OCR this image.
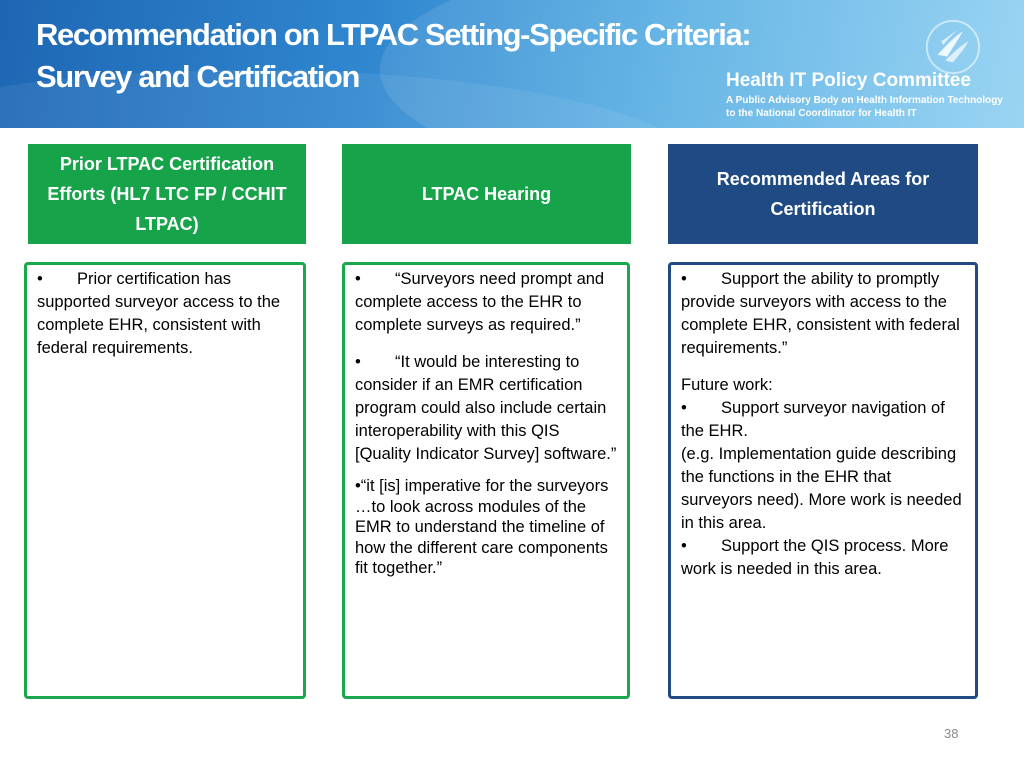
Recommendation on LTPAC Setting-Specific Criteria:
Survey and Certification	Health IT Policy Committee
A Public Advisory Body on Health Information Technology
to the National Coordinator for Health IT
Prior LTPAC Certification Efforts (HL7 LTC FP / CCHIT LTPAC)
LTPAC Hearing
Recommended Areas for Certification

• Prior certification has supported surveyor access to the complete EHR, consistent with federal requirements.

• “Surveyors need prompt and complete access to the EHR to complete surveys as required.”

• “It would be interesting to consider if an EMR certification program could also include certain interoperability with this QIS [Quality Indicator Survey] software.”

•“it [is] imperative for the surveyors …to look across modules of the EMR to understand the timeline of how the different care components fit together.”

• Support the ability to promptly provide surveyors with access to the complete EHR, consistent with federal requirements.”

Future work:

• Support surveyor navigation of the EHR.

(e.g. Implementation guide describing the functions in the EHR that surveyors need). More work is needed in this area.

• Support the QIS process. More work is needed in this area.

38
